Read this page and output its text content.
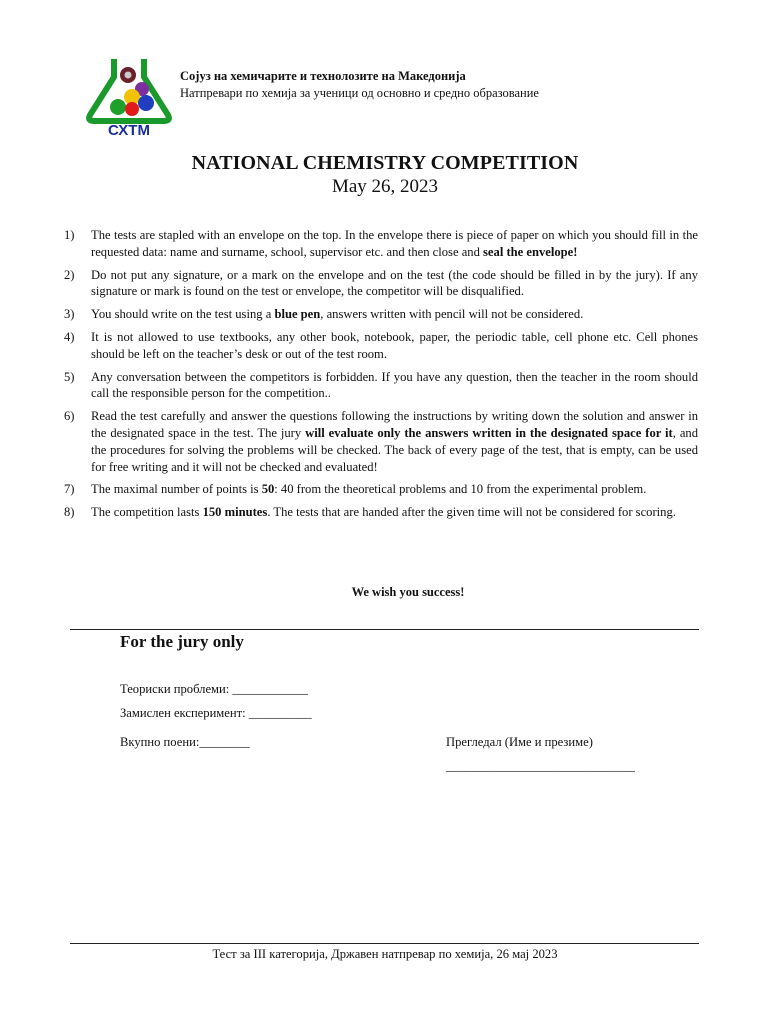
СХТМ
Сојуз на хемичарите и технолозите на Македонија
Натпревари по хемија за ученици од основно и средно образование
NATIONAL CHEMISTRY COMPETITION
May 26, 2023
1)	The tests are stapled with an envelope on the top. In the envelope there is piece of paper on which you should fill in the requested data: name and surname, school, supervisor etc. and then close and seal the envelope!
2)	Do not put any signature, or a mark on the envelope and on the test (the code should be filled in by the jury). If any signature or mark is found on the test or envelope, the competitor will be disqualified.
3)	You should write on the test using a blue pen, answers written with pencil will not be considered.
4)	It is not allowed to use textbooks, any other book, notebook, paper, the periodic table, cell phone etc. Cell phones should be left on the teacher’s desk or out of the test room.
5)	Any conversation between the competitors is forbidden. If you have any question, then the teacher in the room should call the responsible person for the competition..
6)	Read the test carefully and answer the questions following the instructions by writing down the solution and answer in the designated space in the test. The jury will evaluate only the answers written in the designated space for it, and the procedures for solving the problems will be checked. The back of every page of the test, that is empty, can be used for free writing and it will not be checked and evaluated!
7)	The maximal number of points is 50: 40 from the theoretical problems and 10 from the experimental problem.
8)	The competition lasts 150 minutes. The tests that are handed after the given time will not be considered for scoring.
We wish you success!
For the jury only
Теориски проблеми: ____________
Замислен експеримент: __________
Вкупно поени:________	Прегледал (Име и презиме)
______________________________
Тест за III категорија, Државен натпревар по хемија, 26 мај 2023
